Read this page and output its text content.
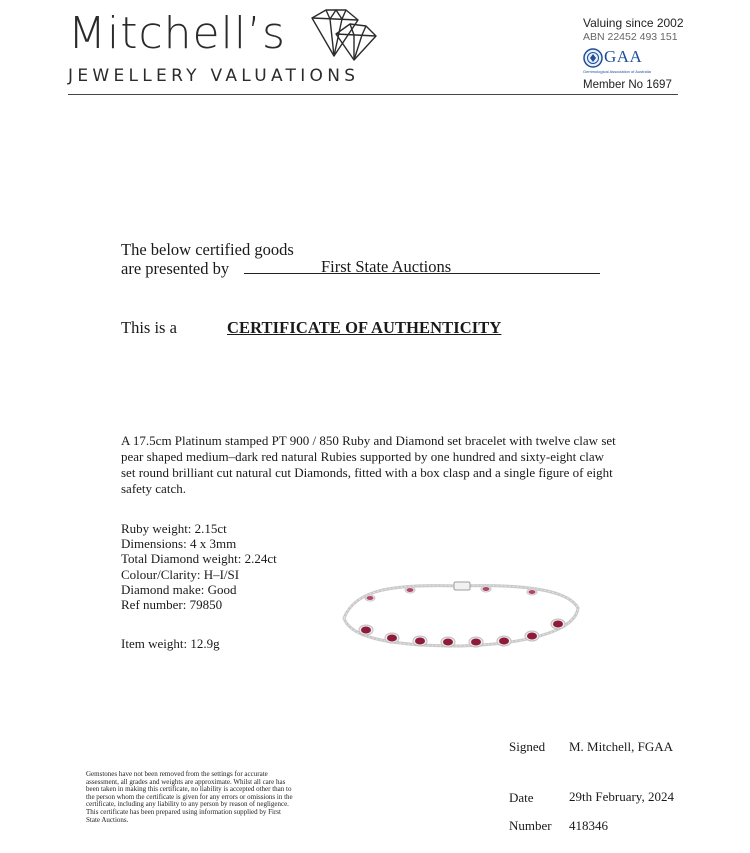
Mitchell’s
JEWELLERY VALUATIONS
Valuing since 2002
ABN 22452 493 151
GAA
Gemmological Association of Australia
Member No 1697
The below certified goods
are presented by	First State Auctions
This is a	CERTIFICATE OF AUTHENTICITY
A 17.5cm Platinum stamped PT 900 / 850 Ruby and Diamond set bracelet with twelve claw set pear shaped medium–dark red natural Rubies supported by one hundred and sixty-eight claw set round brilliant cut natural cut Diamonds, fitted with a box clasp and a single figure of eight safety catch.
Ruby weight: 2.15ct
Dimensions: 4 x 3mm
Total Diamond weight: 2.24ct
Colour/Clarity: H–I/SI
Diamond make: Good
Ref number: 79850
Item weight: 12.9g
Signed M. Mitchell, FGAA
Date	29th February, 2024
Number 418346
Gemstones have not been removed from the settings for accurate assessment, all grades and weights are approximate. Whilst all care has been taken in making this certificate, no liability is accepted other than to the person whom the certificate is given for any errors or omissions in the certificate, including any liability to any person by reason of negligence. This certificate has been prepared using information supplied by First State Auctions.
